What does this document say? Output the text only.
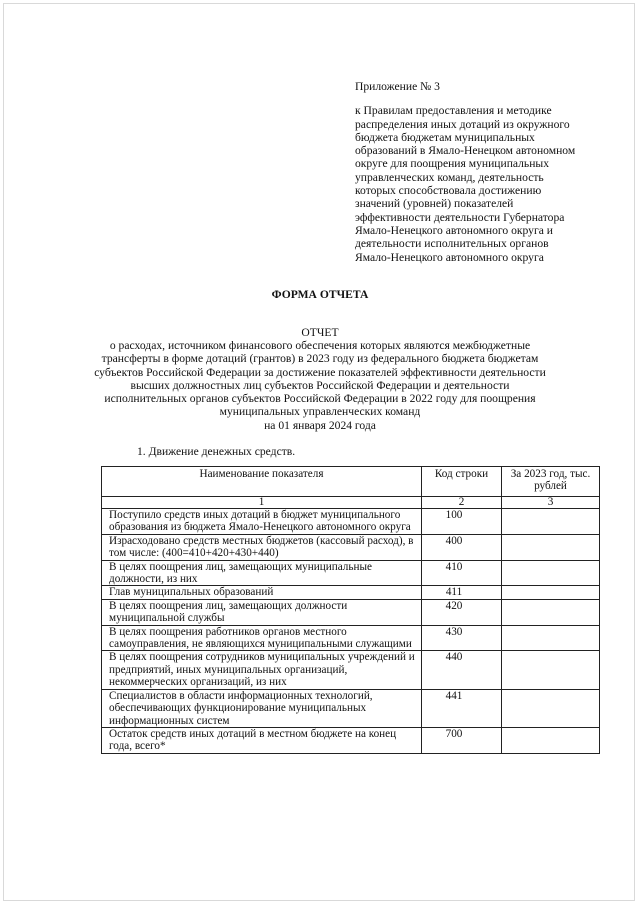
Приложение № 3
к Правилам предоставления и методике
распределения иных дотаций из окружного
бюджета бюджетам муниципальных
образований в Ямало-Ненецком автономном
округе для поощрения муниципальных
управленческих команд, деятельность
которых способствовала достижению
значений (уровней) показателей
эффективности деятельности Губернатора
Ямало-Ненецкого автономного округа и
деятельности исполнительных органов
Ямало-Ненецкого автономного округа
ФОРМА ОТЧЕТА
ОТЧЕТ
о расходах, источником финансового обеспечения которых являются межбюджетные
трансферты в форме дотаций (грантов) в 2023 году из федерального бюджета бюджетам
субъектов Российской Федерации за достижение показателей эффективности деятельности
высших должностных лиц субъектов Российской Федерации и деятельности
исполнительных органов субъектов Российской Федерации в 2022 году для поощрения
муниципальных управленческих команд
на 01 января 2024 года
1. Движение денежных средств.
Наименование показателя	Код строки	За 2023 год, тыс. рублей
1	2	3
Поступило средств иных дотаций в бюджет муниципального образования из бюджета Ямало-Ненецкого автономного округа	100	
Израсходовано средств местных бюджетов (кассовый расход), в том числе: (400=410+420+430+440)	400	
В целях поощрения лиц, замещающих муниципальные должности, из них	410	
Глав муниципальных образований	411	
В целях поощрения лиц, замещающих должности муниципальной службы	420	
В целях поощрения работников органов местного самоуправления, не являющихся муниципальными служащими	430	
В целях поощрения сотрудников муниципальных учреждений и предприятий, иных муниципальных организаций, некоммерческих организаций, из них	440	
Специалистов в области информационных технологий, обеспечивающих функционирование муниципальных информационных систем	441	
Остаток средств иных дотаций в местном бюджете на конец года, всего*	700	
